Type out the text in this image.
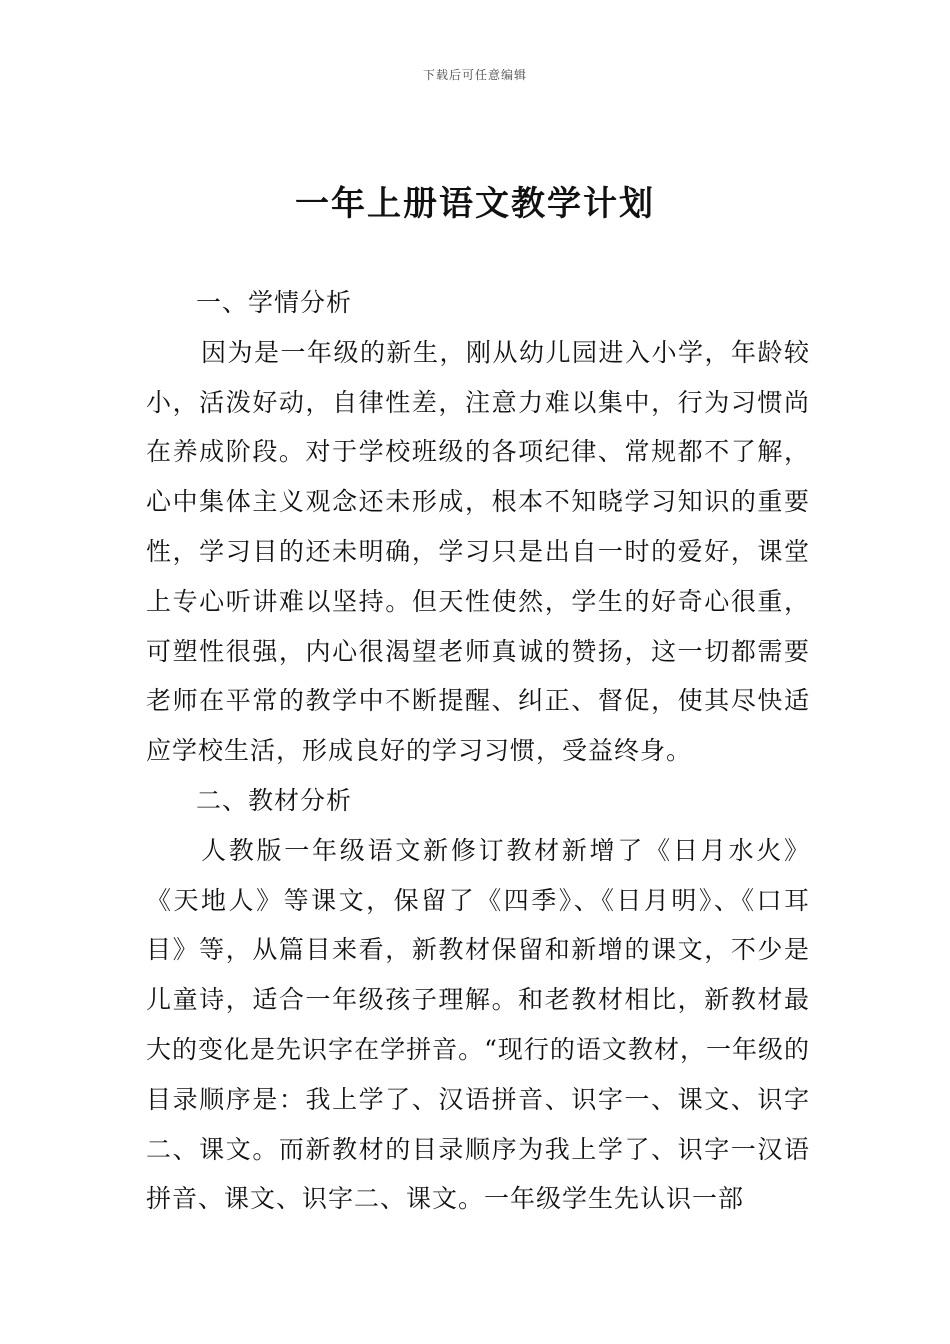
下载后可任意编辑
一年上册语文教学计划

一、学情分析

因为是一年级的新生，刚从幼儿园进入小学，年龄较小，活泼好动，自律性差，注意力难以集中，行为习惯尚在养成阶段。对于学校班级的各项纪律、常规都不了解，心中集体主义观念还未形成，根本不知晓学习知识的重要性，学习目的还未明确，学习只是出自一时的爱好，课堂上专心听讲难以坚持。但天性使然，学生的好奇心很重，可塑性很强，内心很渴望老师真诚的赞扬，这一切都需要老师在平常的教学中不断提醒、纠正、督促，使其尽快适应学校生活，形成良好的学习习惯，受益终身。

二、教材分析

人教版一年级语文新修订教材新增了《日月水火》《天地人》等课文，保留了《四季》、《日月明》、《口耳目》等，从篇目来看，新教材保留和新增的课文，不少是儿童诗，适合一年级孩子理解。和老教材相比，新教材最大的变化是先识字在学拼音。“现行的语文教材，一年级的目录顺序是：我上学了、汉语拼音、识字一、课文、识字二、课文。而新教材的目录顺序为我上学了、识字一汉语拼音、课文、识字二、课文。一年级学生先认识一部
